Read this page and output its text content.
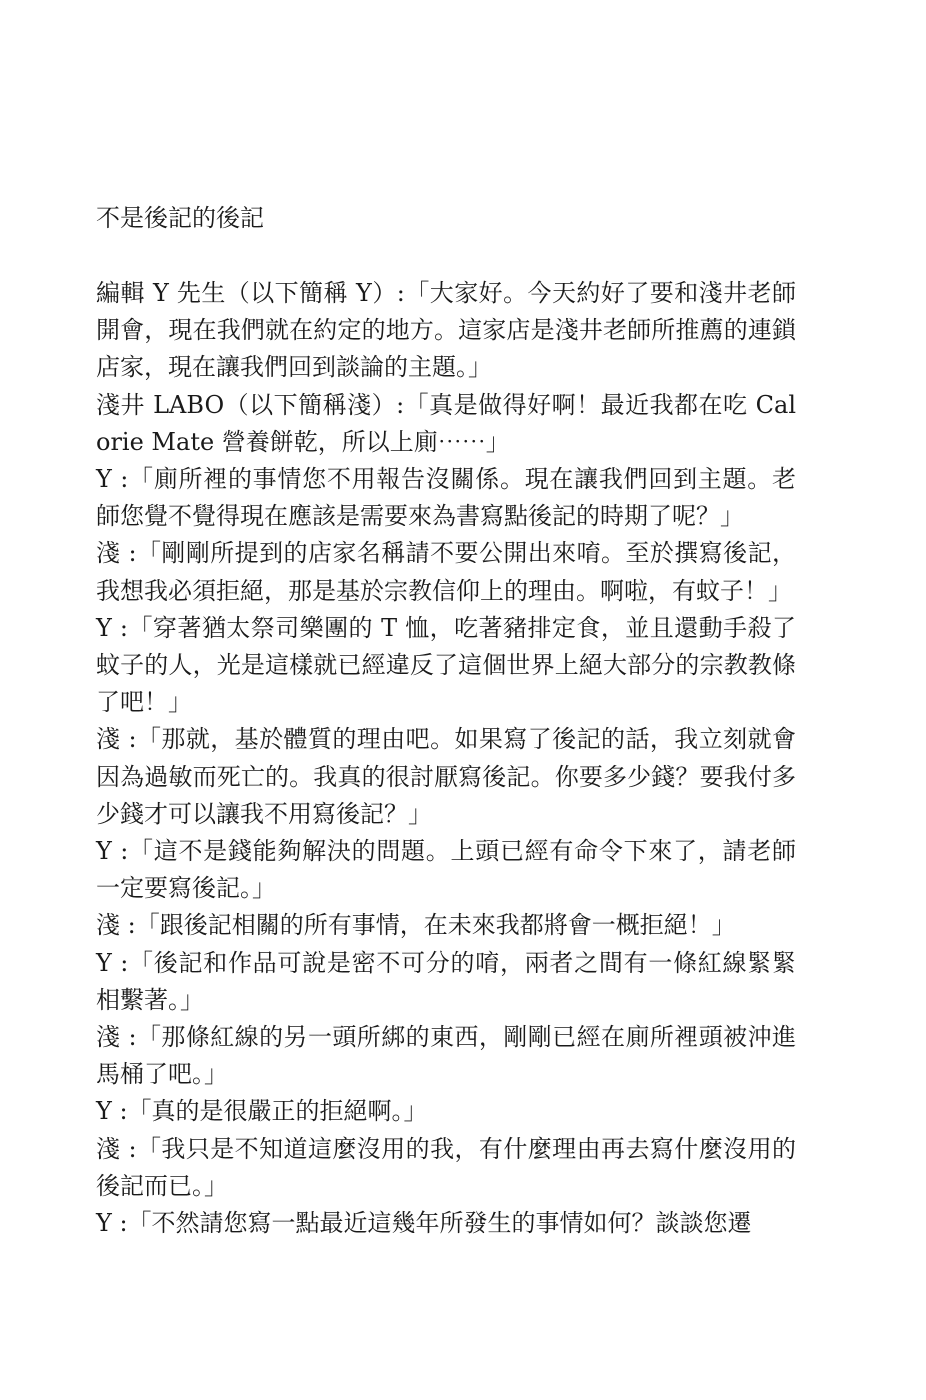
不是後記的後記

編輯 Y 先生（以下簡稱 Y）:「大家好。今天約好了要和淺井老師開會，現在我們就在約定的地方。這家店是淺井老師所推薦的連鎖店家，現在讓我們回到談論的主題。」

淺井 LABO（以下簡稱淺）:「真是做得好啊！最近我都在吃 Calorie Mate 營養餅乾，所以上廁⋯⋯」

Y :「廁所裡的事情您不用報告沒關係。現在讓我們回到主題。老師您覺不覺得現在應該是需要來為書寫點後記的時期了呢？」

淺 :「剛剛所提到的店家名稱請不要公開出來唷。至於撰寫後記，我想我必須拒絕，那是基於宗教信仰上的理由。啊啦，有蚊子！」

Y :「穿著猶太祭司樂團的 T 恤，吃著豬排定食，並且還動手殺了蚊子的人，光是這樣就已經違反了這個世界上絕大部分的宗教教條了吧！」

淺 :「那就，基於體質的理由吧。如果寫了後記的話，我立刻就會因為過敏而死亡的。我真的很討厭寫後記。你要多少錢？要我付多少錢才可以讓我不用寫後記？」

Y :「這不是錢能夠解決的問題。上頭已經有命令下來了，請老師一定要寫後記。」

淺 :「跟後記相關的所有事情，在未來我都將會一概拒絕！」

Y :「後記和作品可說是密不可分的唷，兩者之間有一條紅線緊緊相繫著。」

淺 :「那條紅線的另一頭所綁的東西，剛剛已經在廁所裡頭被沖進馬桶了吧。」

Y :「真的是很嚴正的拒絕啊。」

淺 :「我只是不知道這麼沒用的我，有什麼理由再去寫什麼沒用的後記而已。」

Y :「不然請您寫一點最近這幾年所發生的事情如何？談談您遷
